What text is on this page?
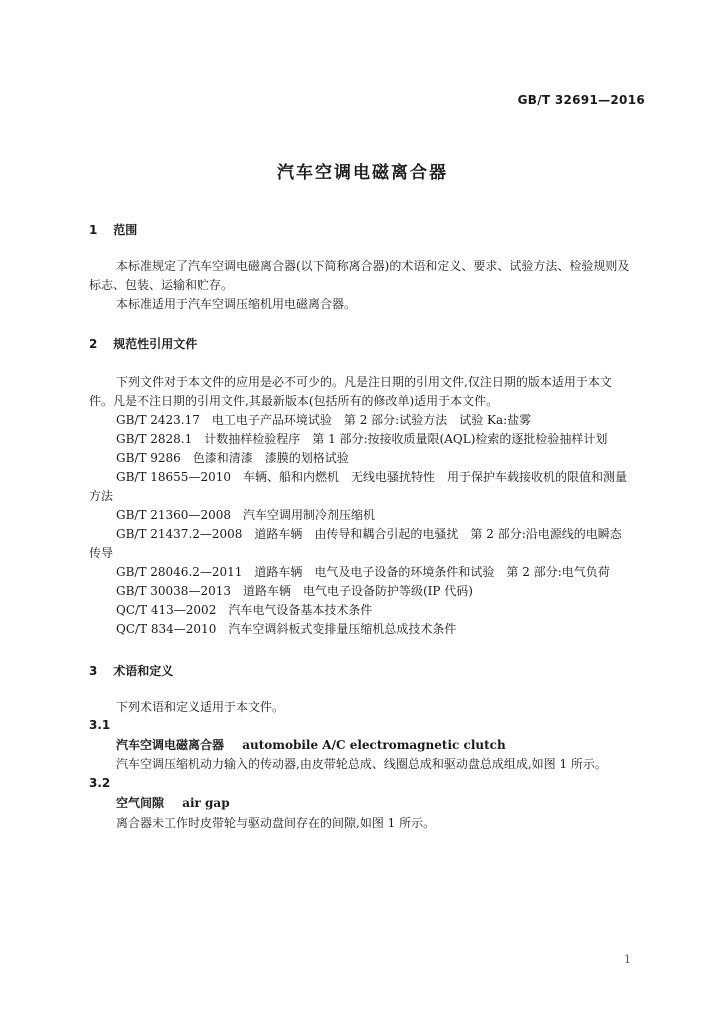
GB/T 32691—2016
汽车空调电磁离合器
1 范围
本标准规定了汽车空调电磁离合器(以下简称离合器)的术语和定义、要求、试验方法、检验规则及
标志、包装、运输和贮存。
本标准适用于汽车空调压缩机用电磁离合器。
2 规范性引用文件
下列文件对于本文件的应用是必不可少的。凡是注日期的引用文件,仅注日期的版本适用于本文
件。凡是不注日期的引用文件,其最新版本(包括所有的修改单)适用于本文件。
GB/T 2423.17　电工电子产品环境试验　第 2 部分:试验方法　试验 Ka:盐雾
GB/T 2828.1　计数抽样检验程序　第 1 部分:按接收质量限(AQL)检索的逐批检验抽样计划
GB/T 9286　色漆和清漆　漆膜的划格试验
GB/T 18655—2010　车辆、船和内燃机　无线电骚扰特性　用于保护车载接收机的限值和测量
方法
GB/T 21360—2008　汽车空调用制冷剂压缩机
GB/T 21437.2—2008　道路车辆　由传导和耦合引起的电骚扰　第 2 部分:沿电源线的电瞬态
传导
GB/T 28046.2—2011　道路车辆　电气及电子设备的环境条件和试验　第 2 部分:电气负荷
GB/T 30038—2013　道路车辆　电气电子设备防护等级(IP 代码)
QC/T 413—2002　汽车电气设备基本技术条件
QC/T 834—2010　汽车空调斜板式变排量压缩机总成技术条件
3 术语和定义
下列术语和定义适用于本文件。
3.1
汽车空调电磁离合器 automobile A/C electromagnetic clutch
汽车空调压缩机动力输入的传动器,由皮带轮总成、线圈总成和驱动盘总成组成,如图 1 所示。
3.2
空气间隙 air gap
离合器未工作时皮带轮与驱动盘间存在的间隙,如图 1 所示。
1
